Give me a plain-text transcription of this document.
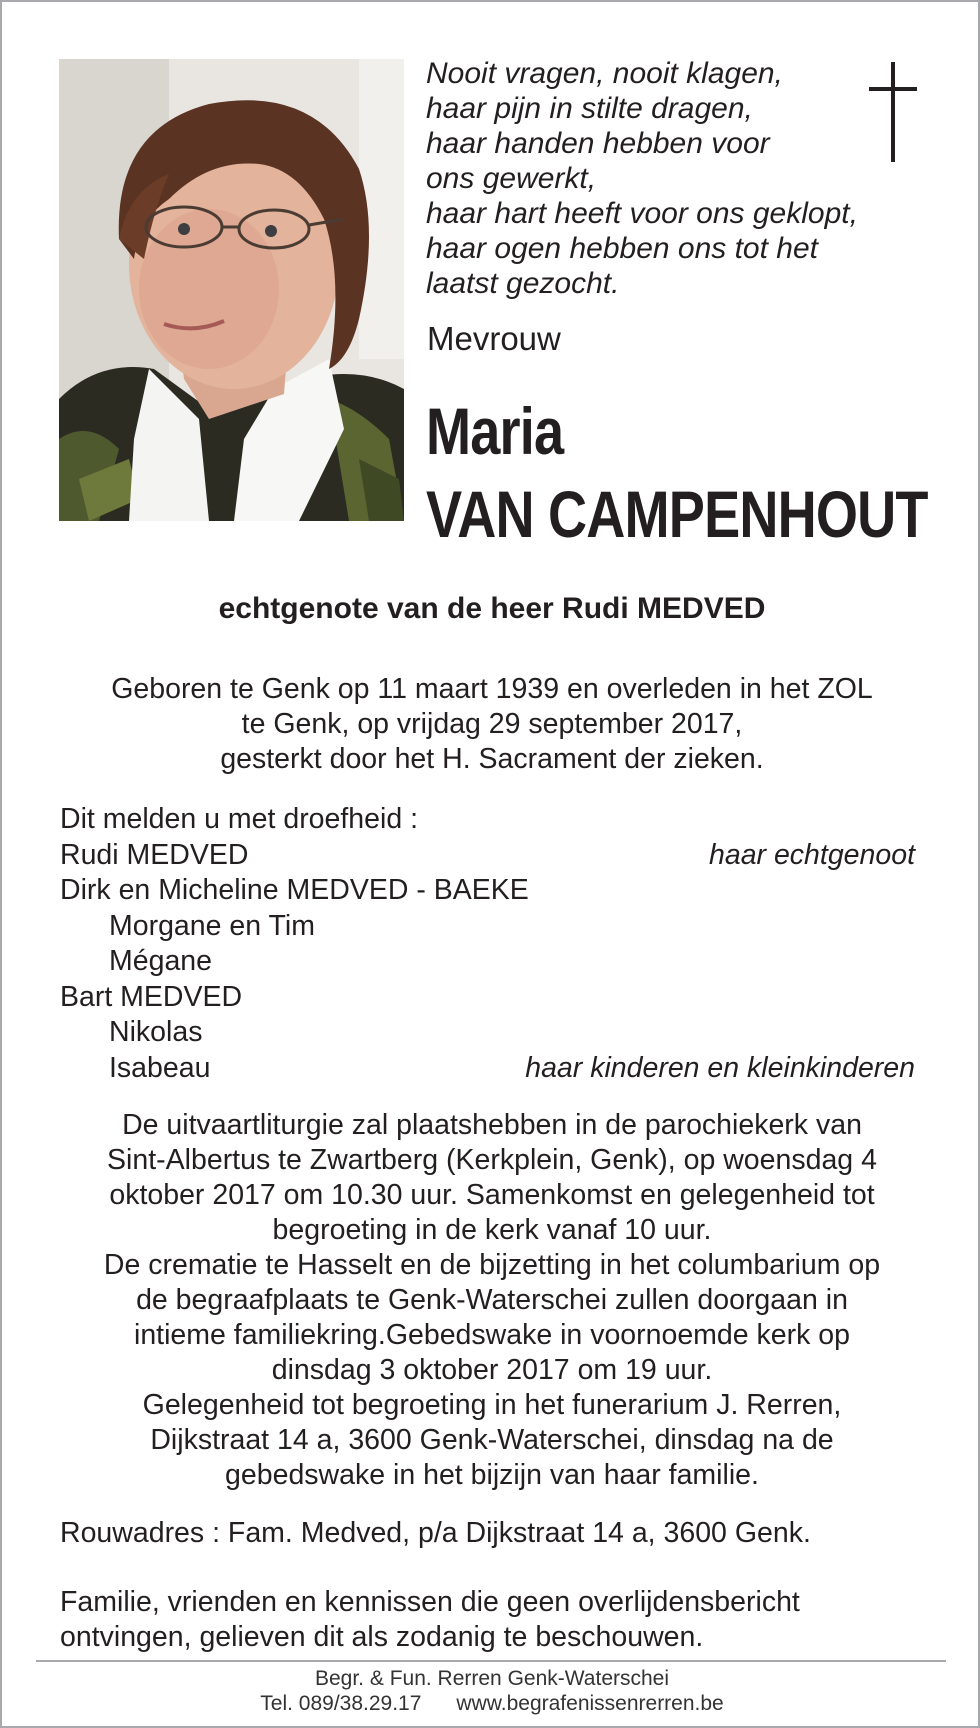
Nooit vragen, nooit klagen,
haar pijn in stilte dragen,
haar handen hebben voor
ons gewerkt,
haar hart heeft voor ons geklopt,
haar ogen hebben ons tot het
laatst gezocht.
Mevrouw
Maria
VAN CAMPENHOUT
echtgenote van de heer Rudi MEDVED
Geboren te Genk op 11 maart 1939 en overleden in het ZOL
te Genk, op vrijdag 29 september 2017,
gesterkt door het H. Sacrament der zieken.
Dit melden u met droefheid :
Rudi MEDVED	haar echtgenoot
Dirk en Micheline MEDVED - BAEKE
Morgane en Tim
Mégane
Bart MEDVED
Nikolas
Isabeau	haar kinderen en kleinkinderen
De uitvaartliturgie zal plaatshebben in de parochiekerk van
Sint-Albertus te Zwartberg (Kerkplein, Genk), op woensdag 4
oktober 2017 om 10.30 uur. Samenkomst en gelegenheid tot
begroeting in de kerk vanaf 10 uur.
De crematie te Hasselt en de bijzetting in het columbarium op
de begraafplaats te Genk-Waterschei zullen doorgaan in
intieme familiekring.Gebedswake in voornoemde kerk op
dinsdag 3 oktober 2017 om 19 uur.
Gelegenheid tot begroeting in het funerarium J. Rerren,
Dijkstraat 14 a, 3600 Genk-Waterschei, dinsdag na de
gebedswake in het bijzijn van haar familie.
Rouwadres : Fam. Medved, p/a Dijkstraat 14 a, 3600 Genk.
Familie, vrienden en kennissen die geen overlijdensbericht
ontvingen, gelieven dit als zodanig te beschouwen.
Begr. & Fun. Rerren Genk-Waterschei
Tel. 089/38.29.17 www.begrafenissenrerren.be
